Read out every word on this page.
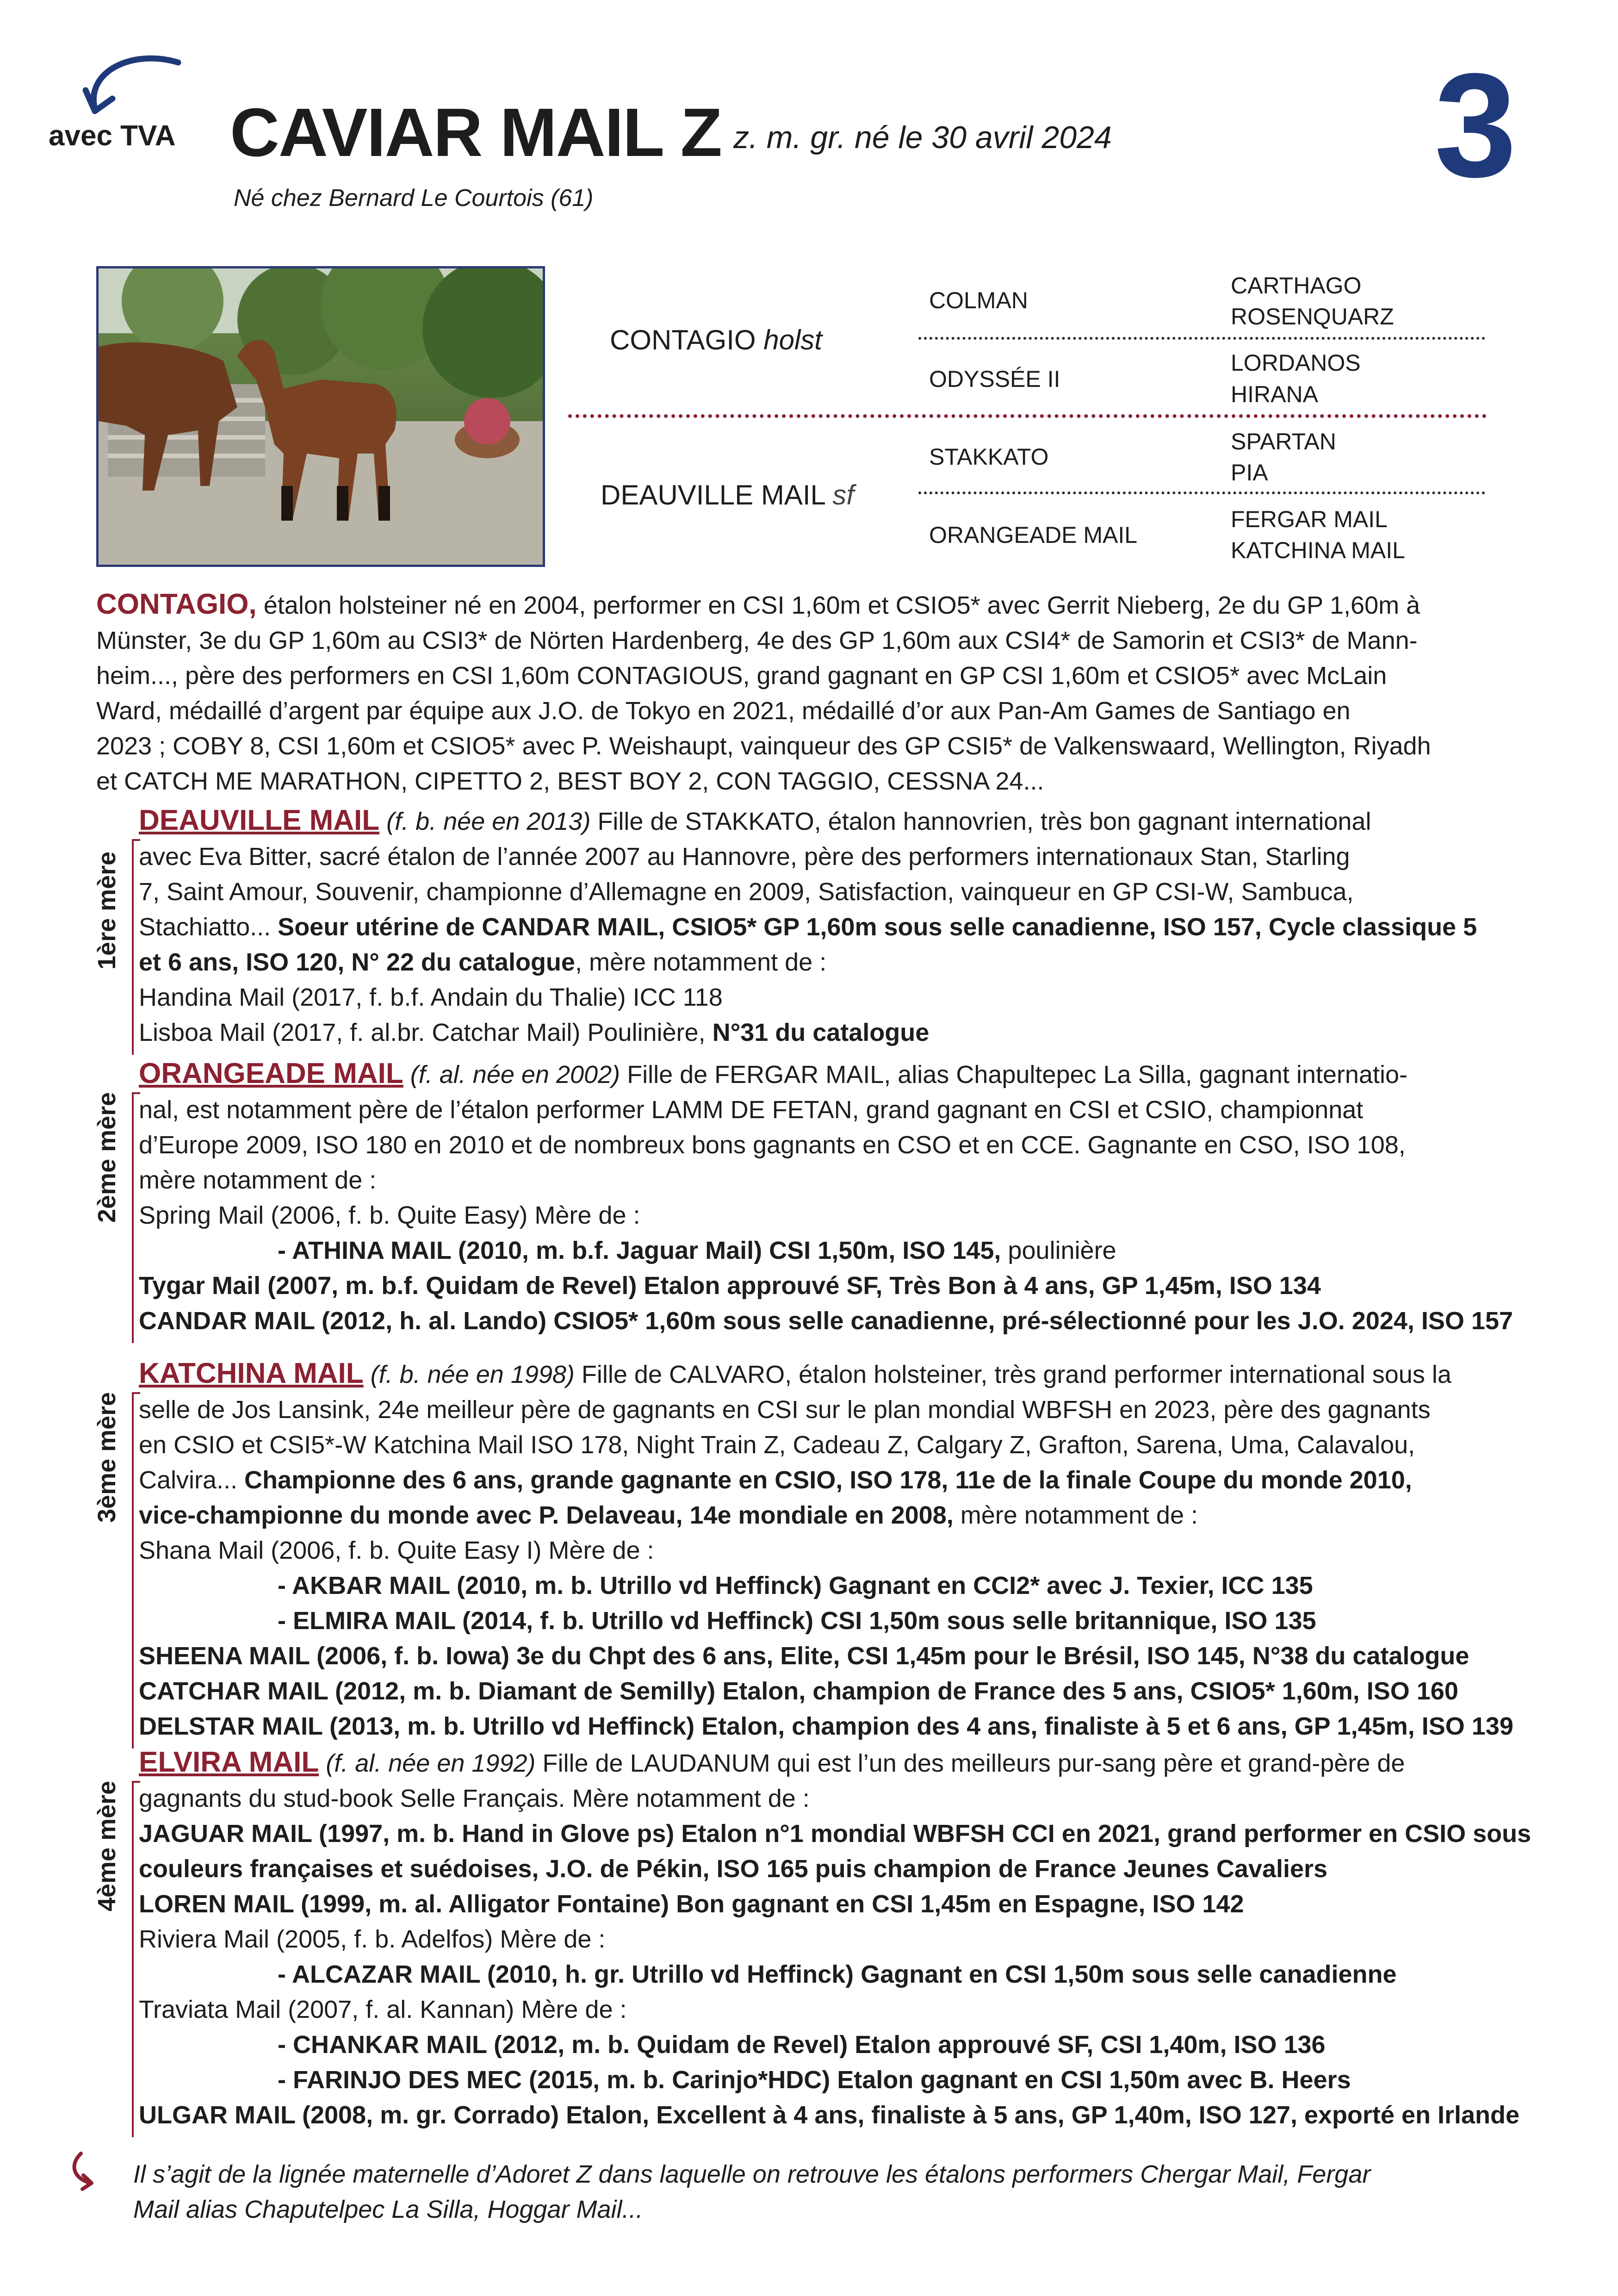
avec TVA CAVIAR MAIL Z z. m. gr. né le 30 avril 2024 3
Né chez Bernard Le Courtois (61)
CONTAGIO holst
DEAUVILLE MAIL sf
COLMAN
ODYSSÉE II
STAKKATO
ORANGEADE MAIL
CARTHAGO
ROSENQUARZ
LORDANOS
HIRANA
SPARTAN
PIA
FERGAR MAIL
KATCHINA MAIL
CONTAGIO, étalon holsteiner né en 2004, performer en CSI 1,60m et CSIO5* avec Gerrit Nieberg, 2e du GP 1,60m à
Münster, 3e du GP 1,60m au CSI3* de Nörten Hardenberg, 4e des GP 1,60m aux CSI4* de Samorin et CSI3* de Mann-
heim..., père des performers en CSI 1,60m CONTAGIOUS, grand gagnant en GP CSI 1,60m et CSIO5* avec McLain
Ward, médaillé d’argent par équipe aux J.O. de Tokyo en 2021, médaillé d’or aux Pan-Am Games de Santiago en
2023 ; COBY 8, CSI 1,60m et CSIO5* avec P. Weishaupt, vainqueur des GP CSI5* de Valkenswaard, Wellington, Riyadh
et CATCH ME MARATHON, CIPETTO 2, BEST BOY 2, CON TAGGIO, CESSNA 24...
DEAUVILLE MAIL (f. b. née en 2013) Fille de STAKKATO, étalon hannovrien, très bon gagnant international
avec Eva Bitter, sacré étalon de l’année 2007 au Hannovre, père des performers internationaux Stan, Starling
7, Saint Amour, Souvenir, championne d’Allemagne en 2009, Satisfaction, vainqueur en GP CSI-W, Sambuca,
Stachiatto... Soeur utérine de CANDAR MAIL, CSIO5* GP 1,60m sous selle canadienne, ISO 157, Cycle classique 5
et 6 ans, ISO 120, N° 22 du catalogue, mère notamment de :
Handina Mail (2017, f. b.f. Andain du Thalie) ICC 118
Lisboa Mail (2017, f. al.br. Catchar Mail) Poulinière, N°31 du catalogue
1ère mère
ORANGEADE MAIL (f. al. née en 2002) Fille de FERGAR MAIL, alias Chapultepec La Silla, gagnant internatio-
nal, est notamment père de l’étalon performer LAMM DE FETAN, grand gagnant en CSI et CSIO, championnat
d’Europe 2009, ISO 180 en 2010 et de nombreux bons gagnants en CSO et en CCE. Gagnante en CSO, ISO 108,
mère notamment de :
Spring Mail (2006, f. b. Quite Easy) Mère de :
- ATHINA MAIL (2010, m. b.f. Jaguar Mail) CSI 1,50m, ISO 145, poulinière
Tygar Mail (2007, m. b.f. Quidam de Revel) Etalon approuvé SF, Très Bon à 4 ans, GP 1,45m, ISO 134
CANDAR MAIL (2012, h. al. Lando) CSIO5* 1,60m sous selle canadienne, pré-sélectionné pour les J.O. 2024, ISO 157
2ème mère
KATCHINA MAIL (f. b. née en 1998) Fille de CALVARO, étalon holsteiner, très grand performer international sous la
selle de Jos Lansink, 24e meilleur père de gagnants en CSI sur le plan mondial WBFSH en 2023, père des gagnants
en CSIO et CSI5*-W Katchina Mail ISO 178, Night Train Z, Cadeau Z, Calgary Z, Grafton, Sarena, Uma, Calavalou,
Calvira... Championne des 6 ans, grande gagnante en CSIO, ISO 178, 11e de la finale Coupe du monde 2010,
vice-championne du monde avec P. Delaveau, 14e mondiale en 2008, mère notamment de :
Shana Mail (2006, f. b. Quite Easy I) Mère de :
- AKBAR MAIL (2010, m. b. Utrillo vd Heffinck) Gagnant en CCI2* avec J. Texier, ICC 135
- ELMIRA MAIL (2014, f. b. Utrillo vd Heffinck) CSI 1,50m sous selle britannique, ISO 135
SHEENA MAIL (2006, f. b. Iowa) 3e du Chpt des 6 ans, Elite, CSI 1,45m pour le Brésil, ISO 145, N°38 du catalogue
CATCHAR MAIL (2012, m. b. Diamant de Semilly) Etalon, champion de France des 5 ans, CSIO5* 1,60m, ISO 160
DELSTAR MAIL (2013, m. b. Utrillo vd Heffinck) Etalon, champion des 4 ans, finaliste à 5 et 6 ans, GP 1,45m, ISO 139
3ème mère
ELVIRA MAIL (f. al. née en 1992) Fille de LAUDANUM qui est l’un des meilleurs pur-sang père et grand-père de
gagnants du stud-book Selle Français. Mère notamment de :
JAGUAR MAIL (1997, m. b. Hand in Glove ps) Etalon n°1 mondial WBFSH CCI en 2021, grand performer en CSIO sous
couleurs françaises et suédoises, J.O. de Pékin, ISO 165 puis champion de France Jeunes Cavaliers
LOREN MAIL (1999, m. al. Alligator Fontaine) Bon gagnant en CSI 1,45m en Espagne, ISO 142
Riviera Mail (2005, f. b. Adelfos) Mère de :
- ALCAZAR MAIL (2010, h. gr. Utrillo vd Heffinck) Gagnant en CSI 1,50m sous selle canadienne
Traviata Mail (2007, f. al. Kannan) Mère de :
- CHANKAR MAIL (2012, m. b. Quidam de Revel) Etalon approuvé SF, CSI 1,40m, ISO 136
- FARINJO DES MEC (2015, m. b. Carinjo*HDC) Etalon gagnant en CSI 1,50m avec B. Heers
ULGAR MAIL (2008, m. gr. Corrado) Etalon, Excellent à 4 ans, finaliste à 5 ans, GP 1,40m, ISO 127, exporté en Irlande
4ème mère
Il s’agit de la lignée maternelle d’Adoret Z dans laquelle on retrouve les étalons performers Chergar Mail, Fergar
Mail alias Chaputelpec La Silla, Hoggar Mail...
